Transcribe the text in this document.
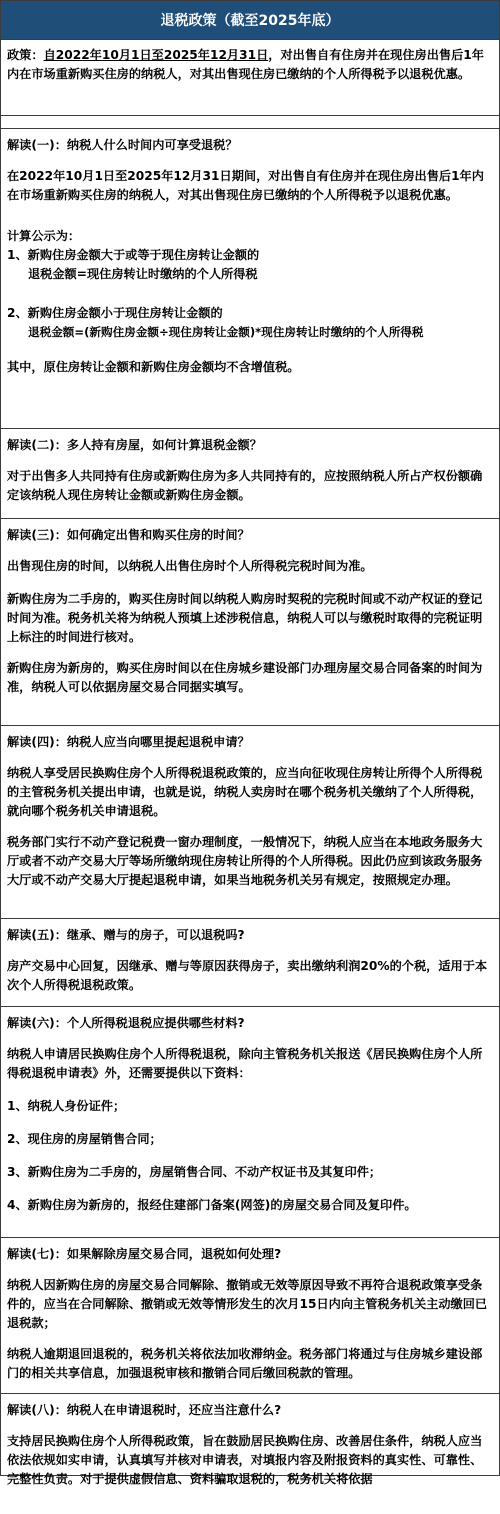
退税政策（截至2025年底）
政策：自2022年10月1日至2025年12月31日，对出售自有住房并在现住房出售后1年内在市场重新购买住房的纳税人，对其出售现住房已缴纳的个人所得税予以退税优惠。
解读(一)：纳税人什么时间内可享受退税？
在2022年10月1日至2025年12月31日期间，对出售自有住房并在现住房出售后1年内在市场重新购买住房的纳税人，对其出售现住房已缴纳的个人所得税予以退税优惠。
计算公示为：
1、新购住房金额大于或等于现住房转让金额的
退税金额=现住房转让时缴纳的个人所得税
2、新购住房金额小于现住房转让金额的
退税金额=(新购住房金额÷现住房转让金额)*现住房转让时缴纳的个人所得税
其中，原住房转让金额和新购住房金额均不含增值税。
解读(二)：多人持有房屋，如何计算退税金额？
对于出售多人共同持有住房或新购住房为多人共同持有的，应按照纳税人所占产权份额确定该纳税人现住房转让金额或新购住房金额。
解读(三)：如何确定出售和购买住房的时间？
出售现住房的时间，以纳税人出售住房时个人所得税完税时间为准。
新购住房为二手房的，购买住房时间以纳税人购房时契税的完税时间或不动产权证的登记时间为准。税务机关将为纳税人预填上述涉税信息，纳税人可以与缴税时取得的完税证明上标注的时间进行核对。
新购住房为新房的，购买住房时间以在住房城乡建设部门办理房屋交易合同备案的时间为准，纳税人可以依据房屋交易合同据实填写。
解读(四)：纳税人应当向哪里提起退税申请？
纳税人享受居民换购住房个人所得税退税政策的，应当向征收现住房转让所得个人所得税的主管税务机关提出申请，也就是说，纳税人卖房时在哪个税务机关缴纳了个人所得税，就向哪个税务机关申请退税。
税务部门实行不动产登记税费一窗办理制度，一般情况下，纳税人应当在本地政务服务大厅或者不动产交易大厅等场所缴纳现住房转让所得的个人所得税。因此仍应到该政务服务大厅或不动产交易大厅提起退税申请，如果当地税务机关另有规定，按照规定办理。
解读(五)：继承、赠与的房子，可以退税吗?
房产交易中心回复，因继承、赠与等原因获得房子，卖出缴纳利润20%的个税，适用于本次个人所得税退税政策。
解读(六)：个人所得税退税应提供哪些材料?
纳税人申请居民换购住房个人所得税退税，除向主管税务机关报送《居民换购住房个人所得税退税申请表》外，还需要提供以下资料：
1、纳税人身份证件；
2、现住房的房屋销售合同；
3、新购住房为二手房的，房屋销售合同、不动产权证书及其复印件；
4、新购住房为新房的，报经住建部门备案(网签)的房屋交易合同及复印件。
解读(七)：如果解除房屋交易合同，退税如何处理?
纳税人因新购住房的房屋交易合同解除、撤销或无效等原因导致不再符合退税政策享受条件的，应当在合同解除、撤销或无效等情形发生的次月15日内向主管税务机关主动缴回已退税款；
纳税人逾期退回退税的，税务机关将依法加收滞纳金。税务部门将通过与住房城乡建设部门的相关共享信息，加强退税审核和撤销合同后缴回税款的管理。
解读(八)：纳税人在申请退税时，还应当注意什么?
支持居民换购住房个人所得税政策，旨在鼓励居民换购住房、改善居住条件，纳税人应当依法依规如实申请，认真填写并核对申请表，对填报内容及附报资料的真实性、可靠性、完整性负责。对于提供虚假信息、资料骗取退税的，税务机关将依据
